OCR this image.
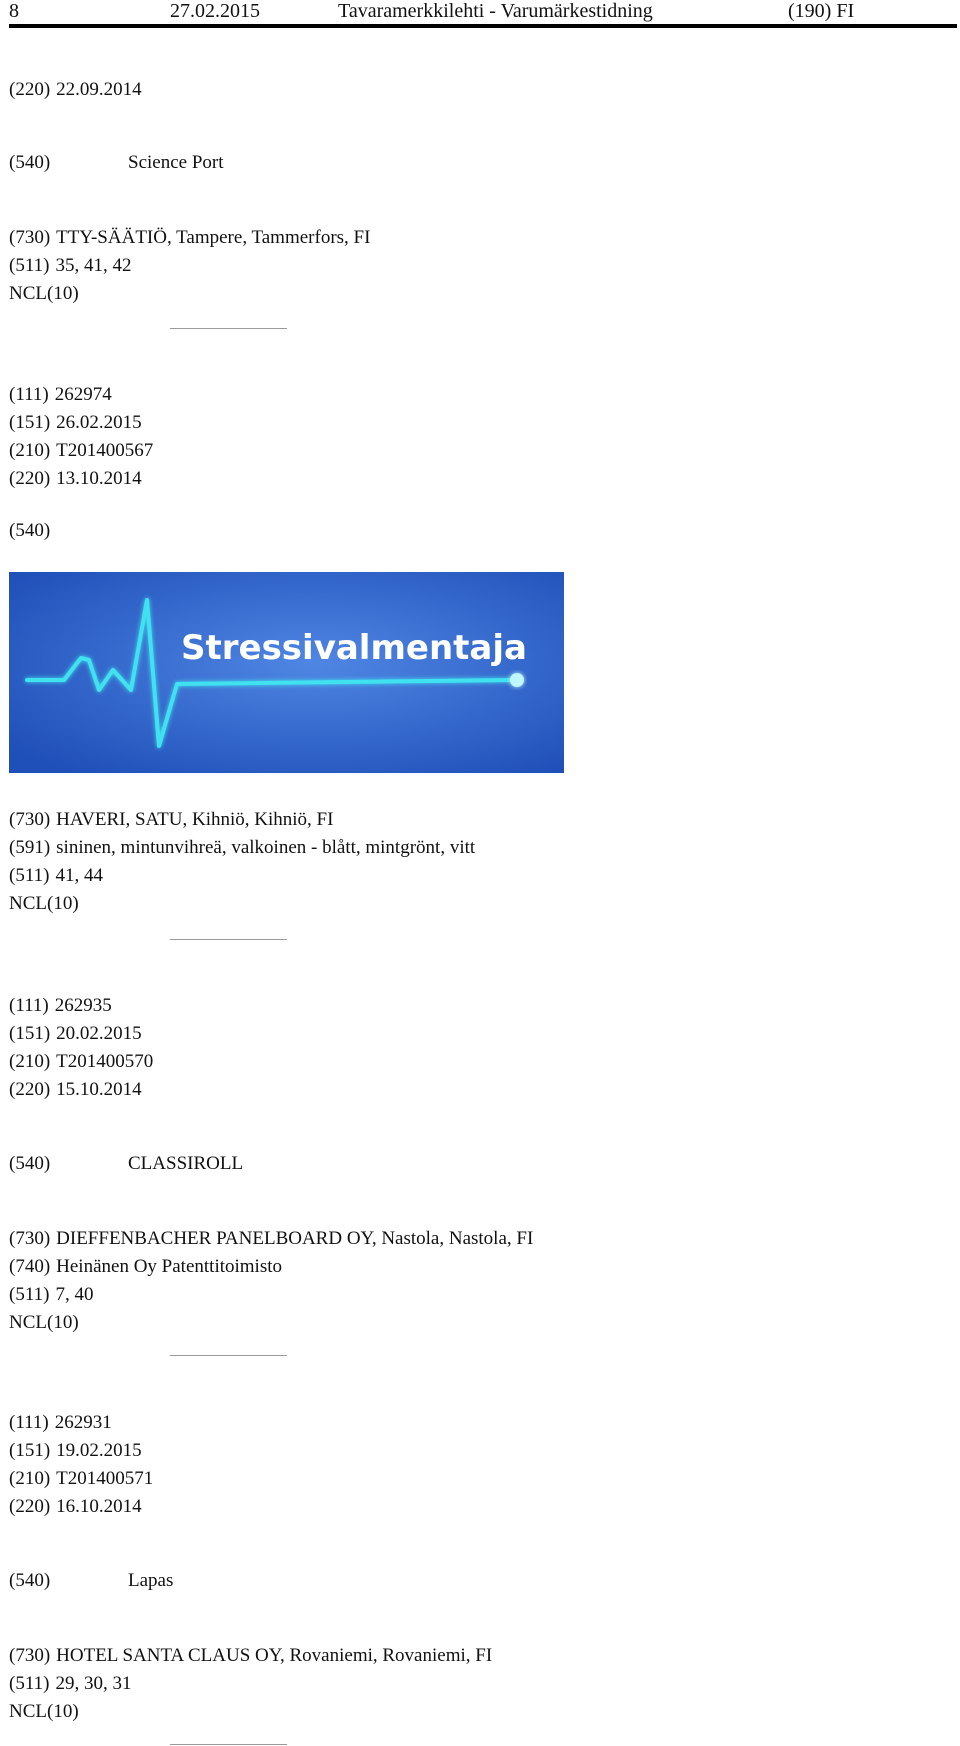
8	27.02.2015	Tavaramerkkilehti - Varumärkestidning	(190) FI
(220) 22.09.2014
(540)	Science Port
(730) TTY-SÄÄTIÖ, Tampere, Tammerfors, FI
(511) 35, 41, 42
NCL(10)
(111) 262974
(151) 26.02.2015
(210) T201400567
(220) 13.10.2014
(540)
Stressivalmentaja
(730) HAVERI, SATU, Kihniö, Kihniö, FI
(591) sininen, mintunvihreä, valkoinen - blått, mintgrönt, vitt
(511) 41, 44
NCL(10)
(111) 262935
(151) 20.02.2015
(210) T201400570
(220) 15.10.2014
(540)	CLASSIROLL
(730) DIEFFENBACHER PANELBOARD OY, Nastola, Nastola, FI
(740) Heinänen Oy Patenttitoimisto
(511) 7, 40
NCL(10)
(111) 262931
(151) 19.02.2015
(210) T201400571
(220) 16.10.2014
(540)	Lapas
(730) HOTEL SANTA CLAUS OY, Rovaniemi, Rovaniemi, FI
(511) 29, 30, 31
NCL(10)
